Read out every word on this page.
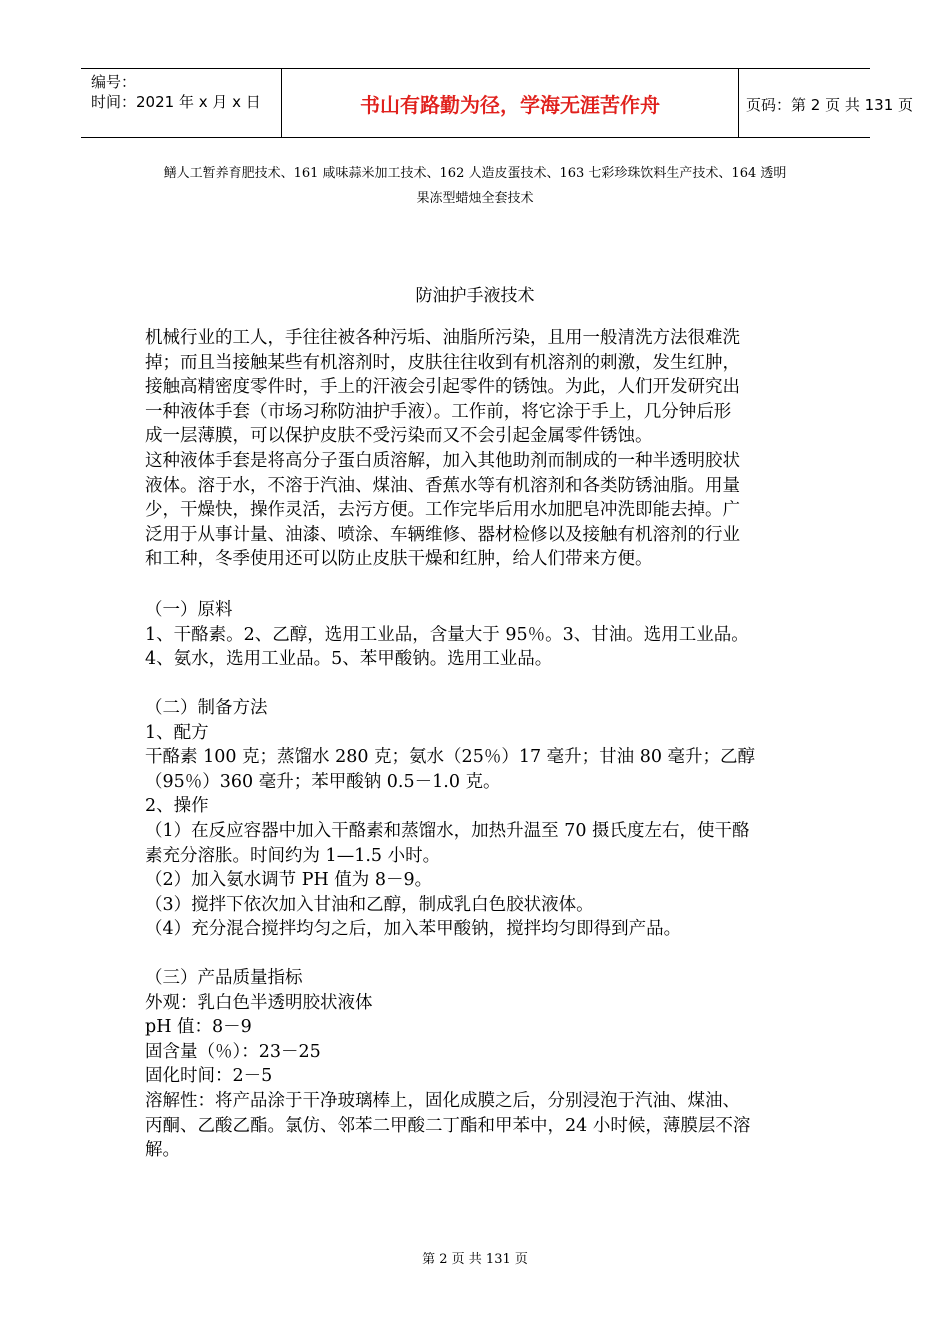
编号：
时间：2021 年 x 月 x 日	书山有路勤为径，学海无涯苦作舟	页码：第 2 页 共 131 页
鳝人工暂养育肥技术、161 咸味蒜米加工技术、162 人造皮蛋技术、163 七彩珍珠饮料生产技术、164 透明
果冻型蜡烛全套技术
防油护手液技术
机械行业的工人，手往往被各种污垢、油脂所污染，且用一般清洗方法很难洗
掉；而且当接触某些有机溶剂时，皮肤往往收到有机溶剂的刺激，发生红肿，
接触高精密度零件时，手上的汗液会引起零件的锈蚀。为此，人们开发研究出
一种液体手套（市场习称防油护手液）。工作前，将它涂于手上，几分钟后形
成一层薄膜，可以保护皮肤不受污染而又不会引起金属零件锈蚀。
这种液体手套是将高分子蛋白质溶解，加入其他助剂而制成的一种半透明胶状
液体。溶于水，不溶于汽油、煤油、香蕉水等有机溶剂和各类防锈油脂。用量
少，干燥快，操作灵活，去污方便。工作完毕后用水加肥皂冲洗即能去掉。广
泛用于从事计量、油漆、喷涂、车辆维修、器材检修以及接触有机溶剂的行业
和工种，冬季使用还可以防止皮肤干燥和红肿，给人们带来方便。
（一）原料
1、干酪素。2、乙醇，选用工业品，含量大于 95％。3、甘油。选用工业品。
4、氨水，选用工业品。5、苯甲酸钠。选用工业品。
（二）制备方法
1、配方
干酪素 100 克；蒸馏水 280 克；氨水（25％）17 毫升；甘油 80 毫升；乙醇
（95％）360 毫升；苯甲酸钠 0.5－1.0 克。
2、操作
（1）在反应容器中加入干酪素和蒸馏水，加热升温至 70 摄氏度左右，使干酪
素充分溶胀。时间约为 1—1.5 小时。
（2）加入氨水调节 PH 值为 8－9。
（3）搅拌下依次加入甘油和乙醇，制成乳白色胶状液体。
（4）充分混合搅拌均匀之后，加入苯甲酸钠，搅拌均匀即得到产品。
（三）产品质量指标
外观：乳白色半透明胶状液体
pH 值：8－9
固含量（％）：23－25
固化时间：2－5
溶解性：将产品涂于干净玻璃棒上，固化成膜之后，分别浸泡于汽油、煤油、
丙酮、乙酸乙酯。氯仿、邻苯二甲酸二丁酯和甲苯中，24 小时候，薄膜层不溶
解。
第 2 页 共 131 页
